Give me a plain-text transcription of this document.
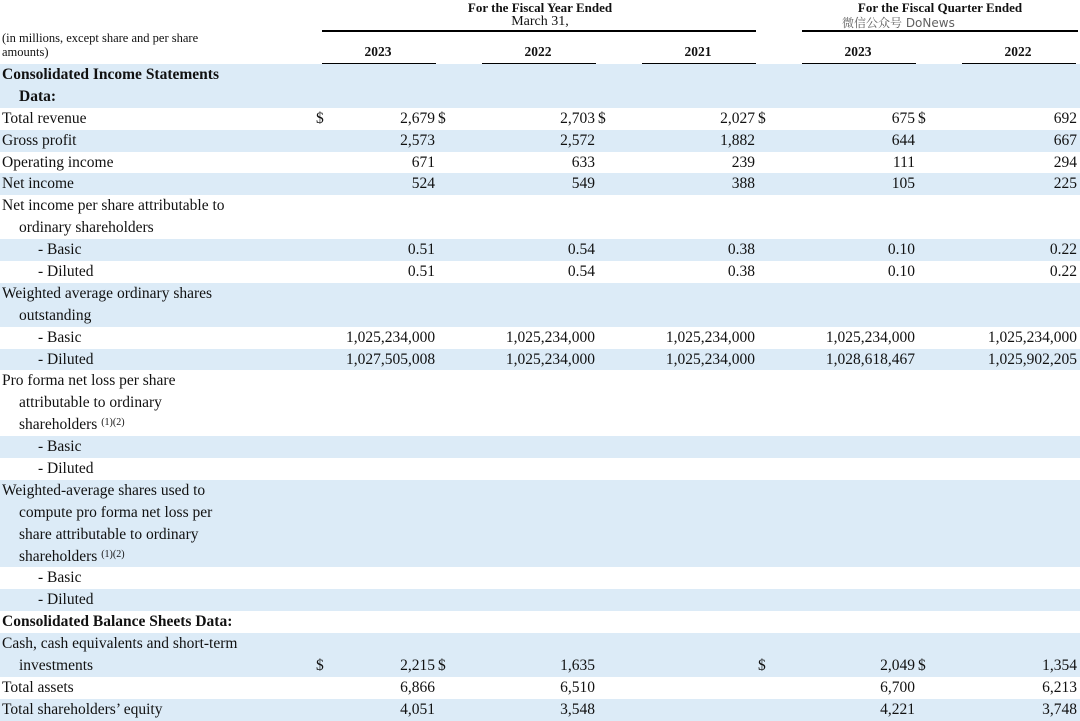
For the Fiscal Year Ended
March 31,
For the Fiscal Quarter Ended
微信公众号 DoNews
(in millions, except share and per share amounts)	2023	2022	2021	2023	2022
Consolidated Income Statements										
Data:										
Total revenue	$	2,679	$	2,703	$	2,027	$	675	$	692
Gross profit		2,573		2,572		1,882		644		667
Operating income		671		633		239		111		294
Net income		524		549		388		105		225
Net income per share attributable to										
ordinary shareholders										
- Basic		0.51		0.54		0.38		0.10		0.22
- Diluted		0.51		0.54		0.38		0.10		0.22
Weighted average ordinary shares										
outstanding										
- Basic		1,025,234,000		1,025,234,000		1,025,234,000		1,025,234,000		1,025,234,000
- Diluted		1,027,505,008		1,025,234,000		1,025,234,000		1,028,618,467		1,025,902,205
Pro forma net loss per share										
attributable to ordinary										
shareholders $^{(1)(2)}$										
- Basic										
- Diluted										
Weighted-average shares used to										
compute pro forma net loss per										
share attributable to ordinary										
shareholders $^{(1)(2)}$										
- Basic										
- Diluted										
Consolidated Balance Sheets Data:										
Cash, cash equivalents and short-term										
investments	$	2,215	$	1,635			$	2,049	$	1,354
Total assets		6,866		6,510				6,700		6,213
Total shareholders’ equity		4,051		3,548				4,221		3,748
